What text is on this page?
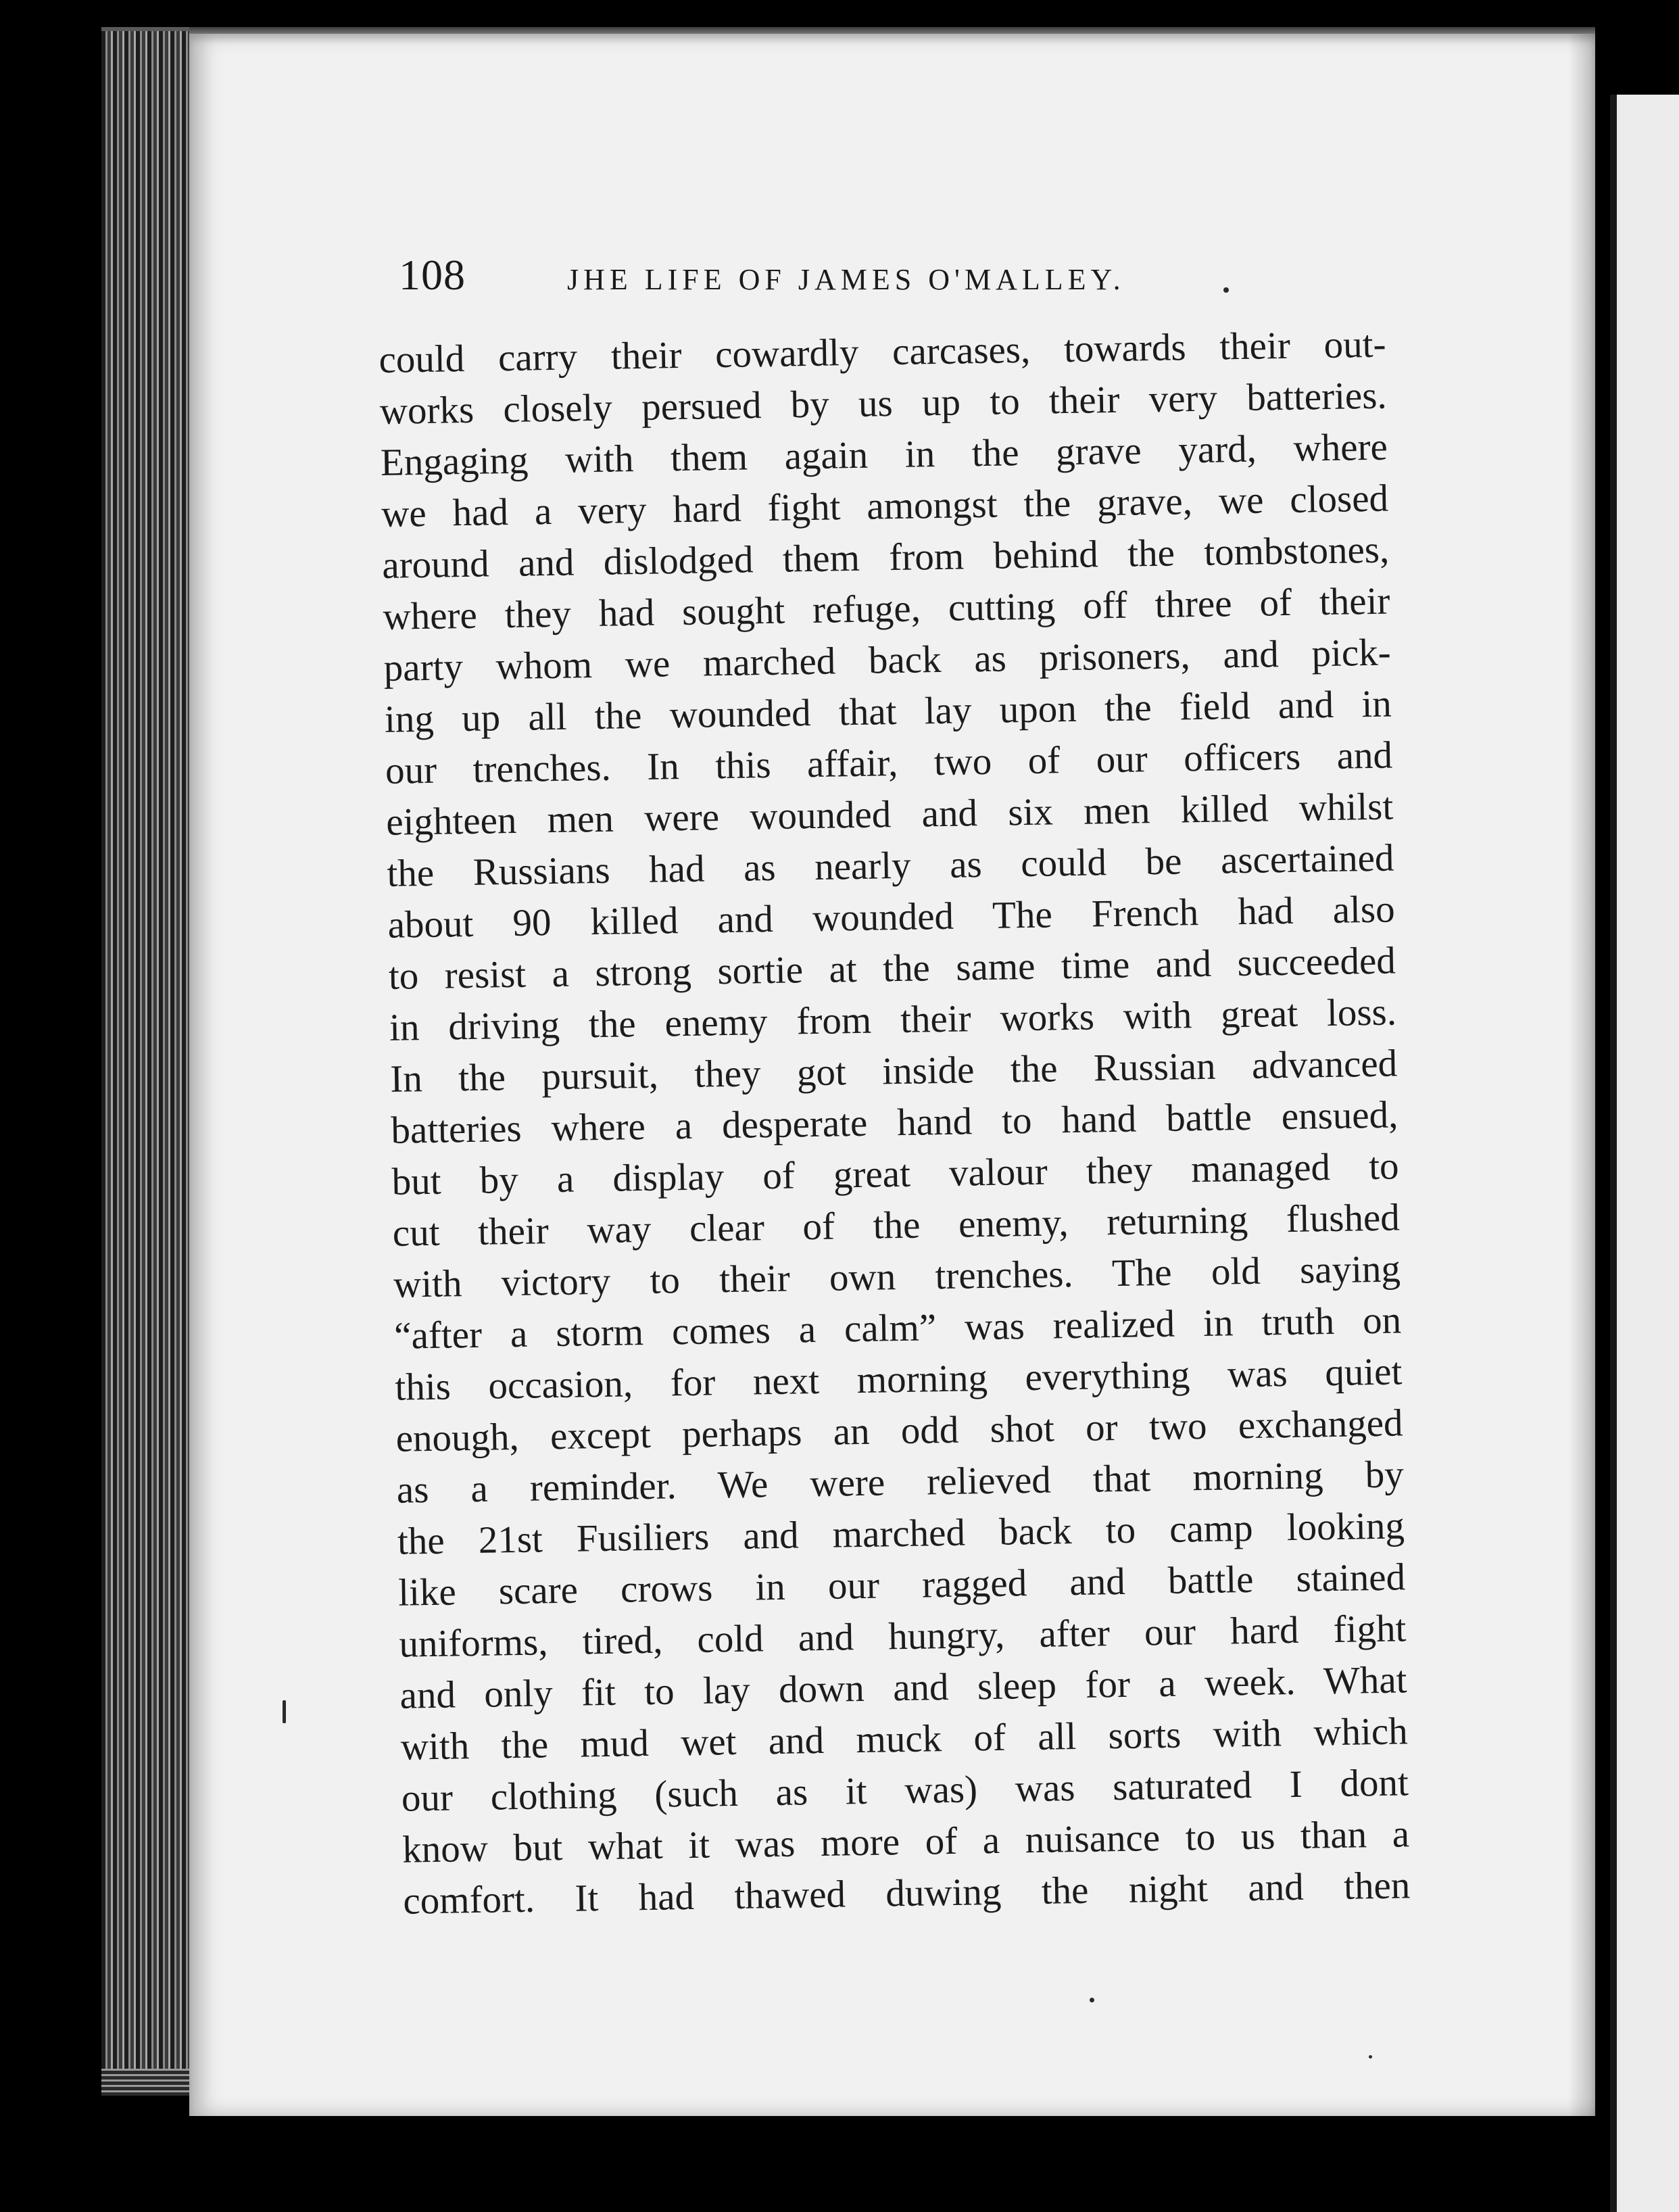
108	JHE LIFE OF JAMES O'MALLEY.
could carry their cowardly carcases, towards their out-
works closely persued by us up to their very batteries.
Engaging with them again in the grave yard, where
we had a very hard fight amongst the grave, we closed
around and dislodged them from behind the tombstones,
where they had sought refuge, cutting off three of their
party whom we marched back as prisoners, and pick-
ing up all the wounded that lay upon the field and in
our trenches. In this affair, two of our officers and
eighteen men were wounded and six men killed whilst
the Russians had as nearly as could be ascertained
about 90 killed and wounded The French had also
to resist a strong sortie at the same time and succeeded
in driving the enemy from their works with great loss.
In the pursuit, they got inside the Russian advanced
batteries where a desperate hand to hand battle ensued,
but by a display of great valour they managed to
cut their way clear of the enemy, returning flushed
with victory to their own trenches. The old saying
“after a storm comes a calm” was realized in truth on
this occasion, for next morning everything was quiet
enough, except perhaps an odd shot or two exchanged
as a reminder. We were relieved that morning by
the 21st Fusiliers and marched back to camp looking
like scare crows in our ragged and battle stained
uniforms, tired, cold and hungry, after our hard fight
and only fit to lay down and sleep for a week. What
with the mud wet and muck of all sorts with which
our clothing (such as it was) was saturated I dont
know but what it was more of a nuisance to us than a
comfort. It had thawed duwing the night and then
